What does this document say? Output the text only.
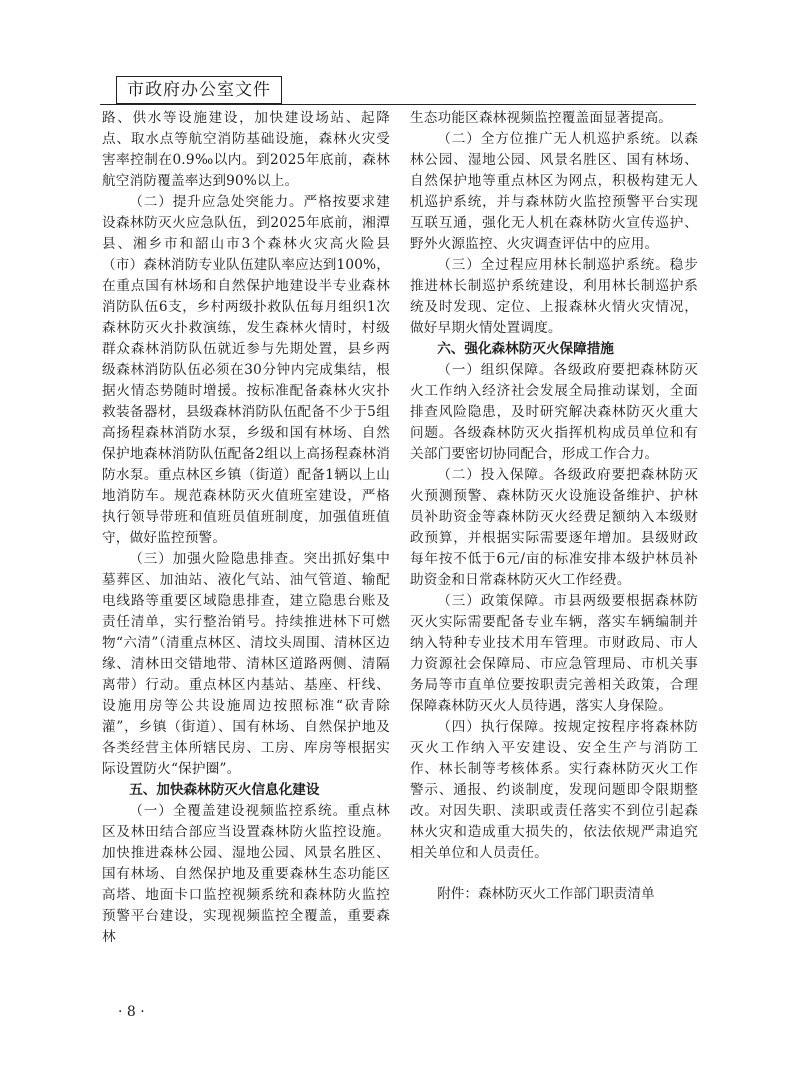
市政府办公室文件

路、供水等设施建设，加快建设场站、起降点、取水点等航空消防基础设施，森林火灾受害率控制在0.9‰以内。到2025年底前，森林航空消防覆盖率达到90%以上。

（二）提升应急处突能力。严格按要求建设森林防灭火应急队伍，到2025年底前，湘潭县、湘乡市和韶山市3个森林火灾高火险县（市）森林消防专业队伍建队率应达到100%，在重点国有林场和自然保护地建设半专业森林消防队伍6支，乡村两级扑救队伍每月组织1次森林防灭火扑救演练，发生森林火情时，村级群众森林消防队伍就近参与先期处置，县乡两级森林消防队伍必须在30分钟内完成集结，根据火情态势随时增援。按标准配备森林火灾扑救装备器材，县级森林消防队伍配备不少于5组高扬程森林消防水泵，乡级和国有林场、自然保护地森林消防队伍配备2组以上高扬程森林消防水泵。重点林区乡镇（街道）配备1辆以上山地消防车。规范森林防灭火值班室建设，严格执行领导带班和值班员值班制度，加强值班值守，做好监控预警。

（三）加强火险隐患排查。突出抓好集中墓葬区、加油站、液化气站、油气管道、输配电线路等重要区域隐患排查，建立隐患台账及责任清单，实行整治销号。持续推进林下可燃物“六清”（清重点林区、清坟头周围、清林区边缘、清林田交错地带、清林区道路两侧、清隔离带）行动。重点林区内基站、基座、杆线、设施用房等公共设施周边按照标准“砍青除灌”，乡镇（街道）、国有林场、自然保护地及各类经营主体所辖民房、工房、库房等根据实际设置防火“保护圈”。

五、加快森林防灭火信息化建设

（一）全覆盖建设视频监控系统。重点林区及林田结合部应当设置森林防火监控设施。加快推进森林公园、湿地公园、风景名胜区、国有林场、自然保护地及重要森林生态功能区高塔、地面卡口监控视频系统和森林防火监控预警平台建设，实现视频监控全覆盖，重要森林

生态功能区森林视频监控覆盖面显著提高。

（二）全方位推广无人机巡护系统。以森林公园、湿地公园、风景名胜区、国有林场、自然保护地等重点林区为网点，积极构建无人机巡护系统，并与森林防火监控预警平台实现互联互通，强化无人机在森林防火宣传巡护、野外火源监控、火灾调查评估中的应用。

（三）全过程应用林长制巡护系统。稳步推进林长制巡护系统建设，利用林长制巡护系统及时发现、定位、上报森林火情火灾情况，做好早期火情处置调度。

六、强化森林防灭火保障措施

（一）组织保障。各级政府要把森林防灭火工作纳入经济社会发展全局推动谋划，全面排查风险隐患，及时研究解决森林防灭火重大问题。各级森林防灭火指挥机构成员单位和有关部门要密切协同配合，形成工作合力。

（二）投入保障。各级政府要把森林防灭火预测预警、森林防灭火设施设备维护、护林员补助资金等森林防灭火经费足额纳入本级财政预算，并根据实际需要逐年增加。县级财政每年按不低于6元/亩的标准安排本级护林员补助资金和日常森林防灭火工作经费。

（三）政策保障。市县两级要根据森林防灭火实际需要配备专业车辆，落实车辆编制并纳入特种专业技术用车管理。市财政局、市人力资源社会保障局、市应急管理局、市机关事务局等市直单位要按职责完善相关政策，合理保障森林防灭火人员待遇，落实人身保险。

（四）执行保障。按规定按程序将森林防灭火工作纳入平安建设、安全生产与消防工作、林长制等考核体系。实行森林防灭火工作警示、通报、约谈制度，发现问题即令限期整改。对因失职、渎职或责任落实不到位引起森林火灾和造成重大损失的，依法依规严肃追究相关单位和人员责任。

附件：森林防灭火工作部门职责清单

· 8 ·
